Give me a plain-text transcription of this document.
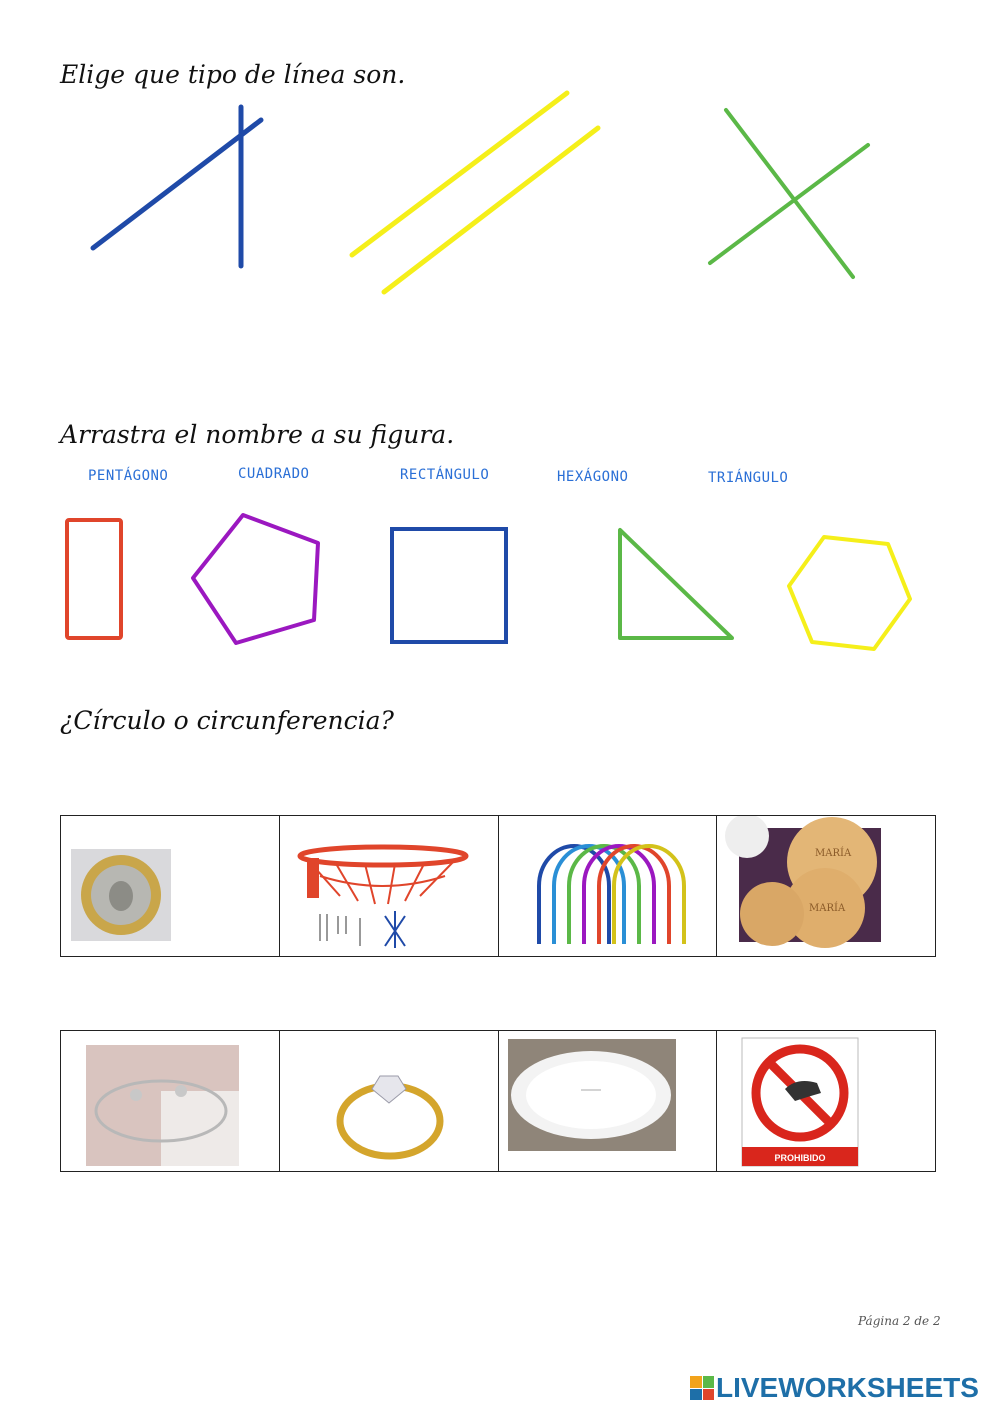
Elige que tipo de línea son.
Arrastra el nombre a su figura.
PENTÁGONO	CUADRADO	RECTÁNGULO	HEXÁGONO	TRIÁNGULO
¿Círculo o circunferencia?
MARÍA
MARÍA
PROHIBIDO
Página 2 de 2
LIVEWORKSHEETS
